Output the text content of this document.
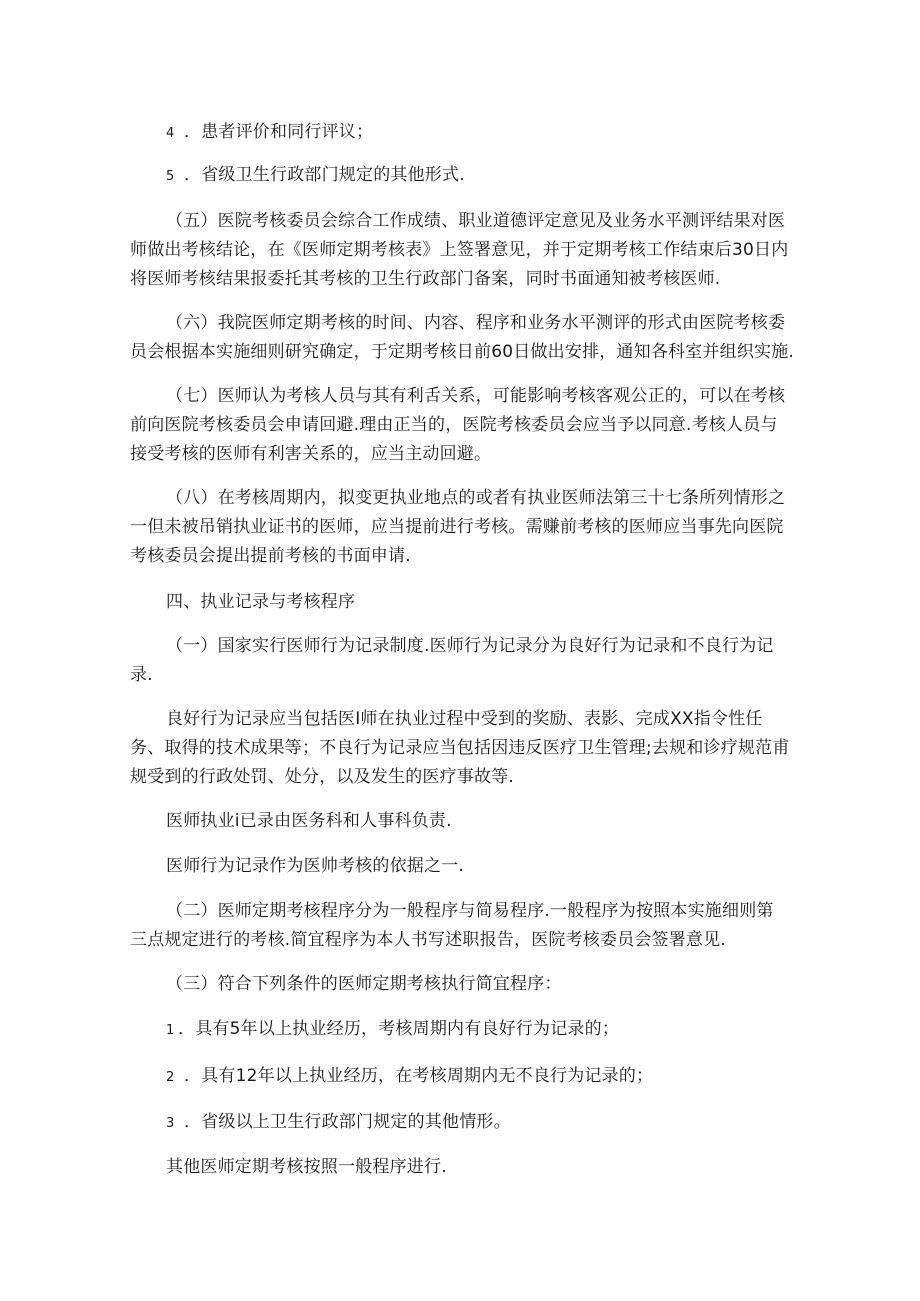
4 ．患者评价和同行评议；

5 ．省级卫生行政部门规定的其他形式.

（五）医院考核委员会综合工作成绩、职业道德评定意见及业务水平测评结果对医

师做出考核结论，在《医师定期考核表》上签署意见，并于定期考核工作结束后30日内

将医师考核结果报委托其考核的卫生行政部门备案，同时书面通知被考核医师.

（六）我院医师定期考核的时间、内容、程序和业务水平测评的形式由医院考核委

员会根据本实施细则研究确定，于定期考核日前60日做出安排，通知各科室并组织实施.

（七）医师认为考核人员与其有利舌关系，可能影响考核客观公正的，可以在考核

前向医院考核委员会申请回避.理由正当的，医院考核委员会应当予以同意.考核人员与

接受考核的医师有利害关系的，应当主动回避。

（八）在考核周期内，拟变更执业地点的或者有执业医师法第三十七条所列情形之

一但未被吊销执业证书的医师，应当提前进行考核。需赚前考核的医师应当事先向医院

考核委员会提出提前考核的书面申请.

四、执业记录与考核程序

（一）国家实行医师行为记录制度.医师行为记录分为良好行为记录和不良行为记

录.

良好行为记录应当包括医I师在执业过程中受到的奖励、表影、完成XX指令性任

务、取得的技术成果等；不良行为记录应当包括因违反医疗卫生管理;去规和诊疗规范甫

规受到的行政处罚、处分，以及发生的医疗事故等.

医师执业i已录由医务科和人事科负责.

医师行为记录作为医帅考核的依据之一.

（二）医师定期考核程序分为一般程序与简易程序.一般程序为按照本实施细则第

三点规定进行的考核.简宜程序为本人书写述职报告，医院考核委员会签署意见.

（三）符合下列条件的医师定期考核执行简宜程序：

1 ．具有5年以上执业经历，考核周期内有良好行为记录的；

2 ．具有12年以上执业经历，在考核周期内无不良行为记录的；

3 ．省级以上卫生行政部门规定的其他情形。

其他医师定期考核按照一般程序进行.
